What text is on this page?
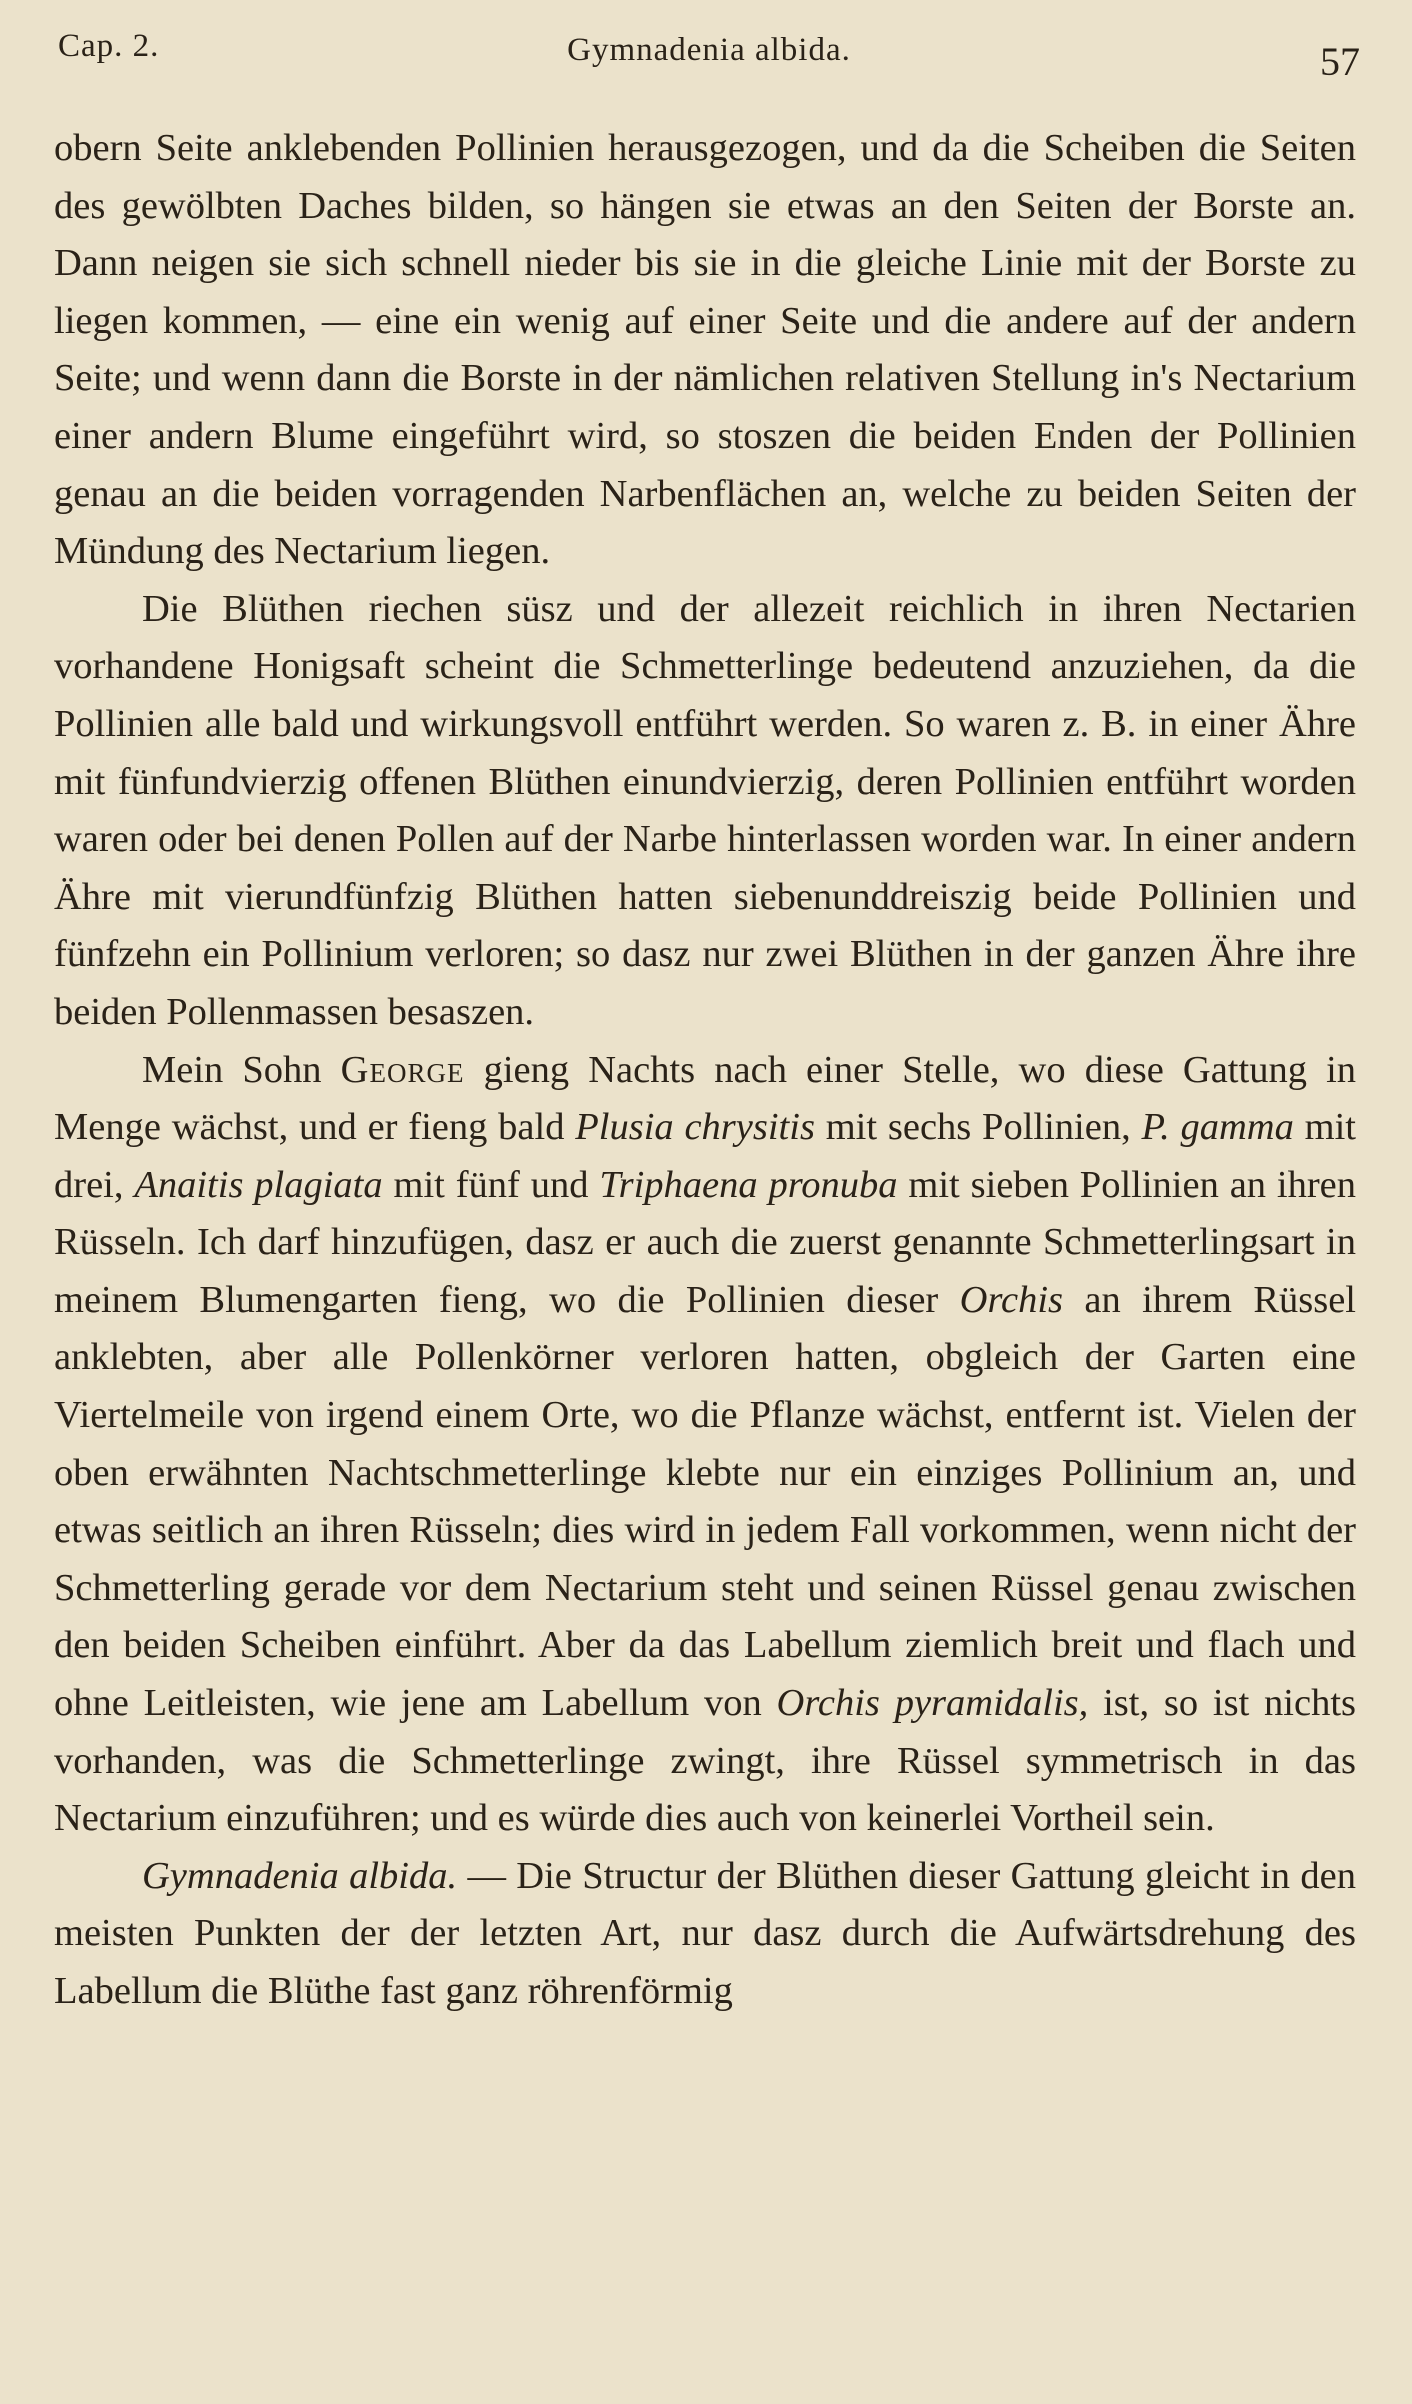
Cap. 2.	Gymnadenia albida.	57

obern Seite anklebenden Pollinien herausgezogen, und da die Scheiben die Seiten des gewölbten Daches bilden, so hängen sie etwas an den Seiten der Borste an. Dann neigen sie sich schnell nieder bis sie in die gleiche Linie mit der Borste zu liegen kommen, — eine ein wenig auf einer Seite und die andere auf der andern Seite; und wenn dann die Borste in der nämlichen relativen Stellung in's Nectarium einer andern Blume eingeführt wird, so stoszen die beiden Enden der Pollinien genau an die beiden vorragenden Narbenflächen an, welche zu beiden Seiten der Mündung des Nectarium liegen.

Die Blüthen riechen süsz und der allezeit reichlich in ihren Nectarien vorhandene Honigsaft scheint die Schmetterlinge bedeutend anzuziehen, da die Pollinien alle bald und wirkungsvoll entführt werden. So waren z. B. in einer Ähre mit fünfundvierzig offenen Blüthen einundvierzig, deren Pollinien entführt worden waren oder bei denen Pollen auf der Narbe hinterlassen worden war. In einer andern Ähre mit vierundfünfzig Blüthen hatten siebenunddreiszig beide Pollinien und fünfzehn ein Pollinium verloren; so dasz nur zwei Blüthen in der ganzen Ähre ihre beiden Pollenmassen besaszen.

Mein Sohn George gieng Nachts nach einer Stelle, wo diese Gattung in Menge wächst, und er fieng bald Plusia chrysitis mit sechs Pollinien, P. gamma mit drei, Anaitis plagiata mit fünf und Triphaena pronuba mit sieben Pollinien an ihren Rüsseln. Ich darf hinzufügen, dasz er auch die zuerst genannte Schmetterlingsart in meinem Blumengarten fieng, wo die Pollinien dieser Orchis an ihrem Rüssel anklebten, aber alle Pollenkörner verloren hatten, obgleich der Garten eine Viertelmeile von irgend einem Orte, wo die Pflanze wächst, entfernt ist. Vielen der oben erwähnten Nachtschmetterlinge klebte nur ein einziges Pollinium an, und etwas seitlich an ihren Rüsseln; dies wird in jedem Fall vorkommen, wenn nicht der Schmetterling gerade vor dem Nectarium steht und seinen Rüssel genau zwischen den beiden Scheiben einführt. Aber da das Labellum ziemlich breit und flach und ohne Leitleisten, wie jene am Labellum von Orchis pyramidalis, ist, so ist nichts vorhanden, was die Schmetterlinge zwingt, ihre Rüssel symmetrisch in das Nectarium einzuführen; und es würde dies auch von keinerlei Vortheil sein.

Gymnadenia albida. — Die Structur der Blüthen dieser Gattung gleicht in den meisten Punkten der der letzten Art, nur dasz durch die Aufwärtsdrehung des Labellum die Blüthe fast ganz röhrenförmig
